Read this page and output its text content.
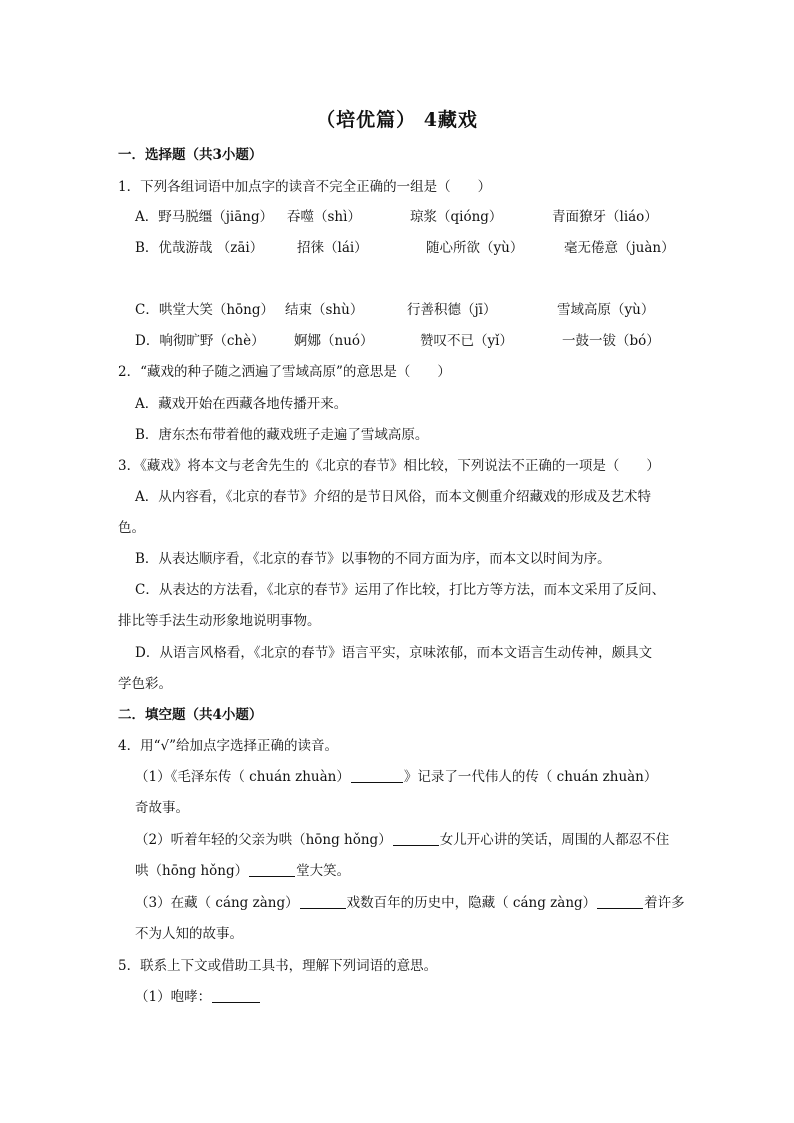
（培优篇） 4藏戏
一．选择题（共3小题）
1．下列各组词语中加点字的读音不完全正确的一组是（　　）
A．野马脱缰（jiāng） 吞噬（shì）	琼浆（qióng）	青面獠牙（liáo）
B．优哉游哉 （zāi）	招徕（lái）	随心所欲（yù）	毫无倦意（juàn）
C．哄堂大笑（hōng） 结束（shù）	行善积德（jī）	雪域高原（yù）
D．响彻旷野（chè） 婀娜（nuó）	赞叹不已（yǐ）	一鼓一钹（bó）
2．“藏戏的种子随之洒遍了雪域高原”的意思是（　　）
A．藏戏开始在西藏各地传播开来。
B．唐东杰布带着他的藏戏班子走遍了雪域高原。
3．《藏戏》将本文与老舍先生的《北京的春节》相比较，下列说法不正确的一项是（　　）
A．从内容看，《北京的春节》介绍的是节日风俗，而本文侧重介绍藏戏的形成及艺术特
色。
B．从表达顺序看，《北京的春节》以事物的不同方面为序，而本文以时间为序。
C．从表达的方法看，《北京的春节》运用了作比较，打比方等方法，而本文采用了反问、
排比等手法生动形象地说明事物。
D．从语言风格看，《北京的春节》语言平实，京味浓郁，而本文语言生动传神，颇具文
学色彩。
二．填空题（共4小题）
4．用“√”给加点字选择正确的读音。
（1）《毛泽东传（ chuán zhuàn）	》记录了一代伟人的传（ chuán zhuàn）
奇故事。
（2）听着年轻的父亲为哄（hōng hǒng）	女儿开心讲的笑话，周围的人都忍不住
哄（hōng hǒng）	堂大笑。
（3）在藏（ cáng zàng）	戏数百年的历史中，隐藏（ cáng zàng）	着许多
不为人知的故事。
5．联系上下文或借助工具书，理解下列词语的意思。
（1）咆哮：
